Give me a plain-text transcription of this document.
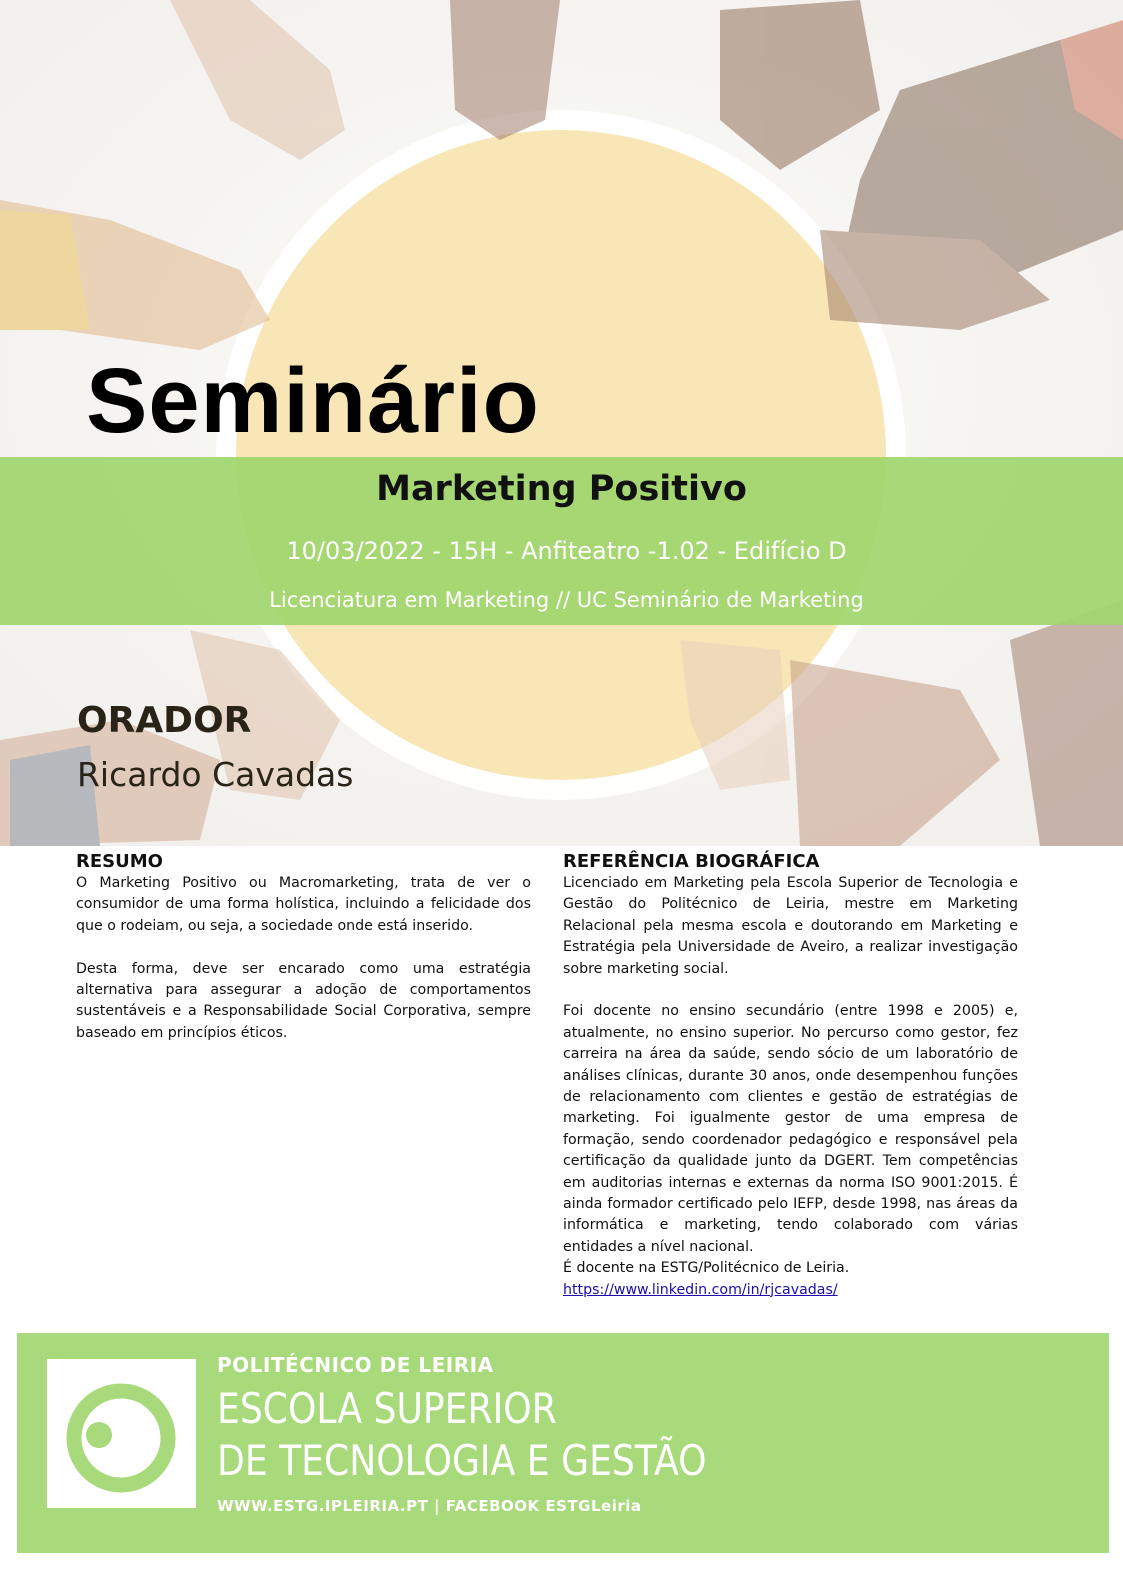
Seminário
Marketing Positivo
10/03/2022 - 15H - Anfiteatro -1.02 - Edifício D
Licenciatura em Marketing // UC Seminário de Marketing
ORADOR
Ricardo Cavadas
RESUMO

O Marketing Positivo ou Macromarketing, trata de ver o consumidor de uma forma holística, incluindo a felicidade dos que o rodeiam, ou seja, a sociedade onde está inserido.

Desta forma, deve ser encarado como uma estratégia alternativa para assegurar a adoção de comportamentos sustentáveis e a Responsabilidade Social Corporativa, sempre baseado em princípios éticos.

REFERÊNCIA BIOGRÁFICA

Licenciado em Marketing pela Escola Superior de Tecnologia e Gestão do Politécnico de Leiria, mestre em Marketing Relacional pela mesma escola e doutorando em Marketing e Estratégia pela Universidade de Aveiro, a realizar investigação sobre marketing social.

Foi docente no ensino secundário (entre 1998 e 2005) e, atualmente, no ensino superior. No percurso como gestor, fez carreira na área da saúde, sendo sócio de um laboratório de análises clínicas, durante 30 anos, onde desempenhou funções de relacionamento com clientes e gestão de estratégias de marketing. Foi igualmente gestor de uma empresa de formação, sendo coordenador pedagógico e responsável pela certificação da qualidade junto da DGERT. Tem competências em auditorias internas e externas da norma ISO 9001:2015. É ainda formador certificado pelo IEFP, desde 1998, nas áreas da informática e marketing, tendo colaborado com várias entidades a nível nacional.

É docente na ESTG/Politécnico de Leiria.

https://www.linkedin.com/in/rjcavadas/
POLITÉCNICO DE LEIRIA
ESCOLA SUPERIOR
DE TECNOLOGIA E GESTÃO
WWW.ESTG.IPLEIRIA.PT | FACEBOOK ESTGLeiria
